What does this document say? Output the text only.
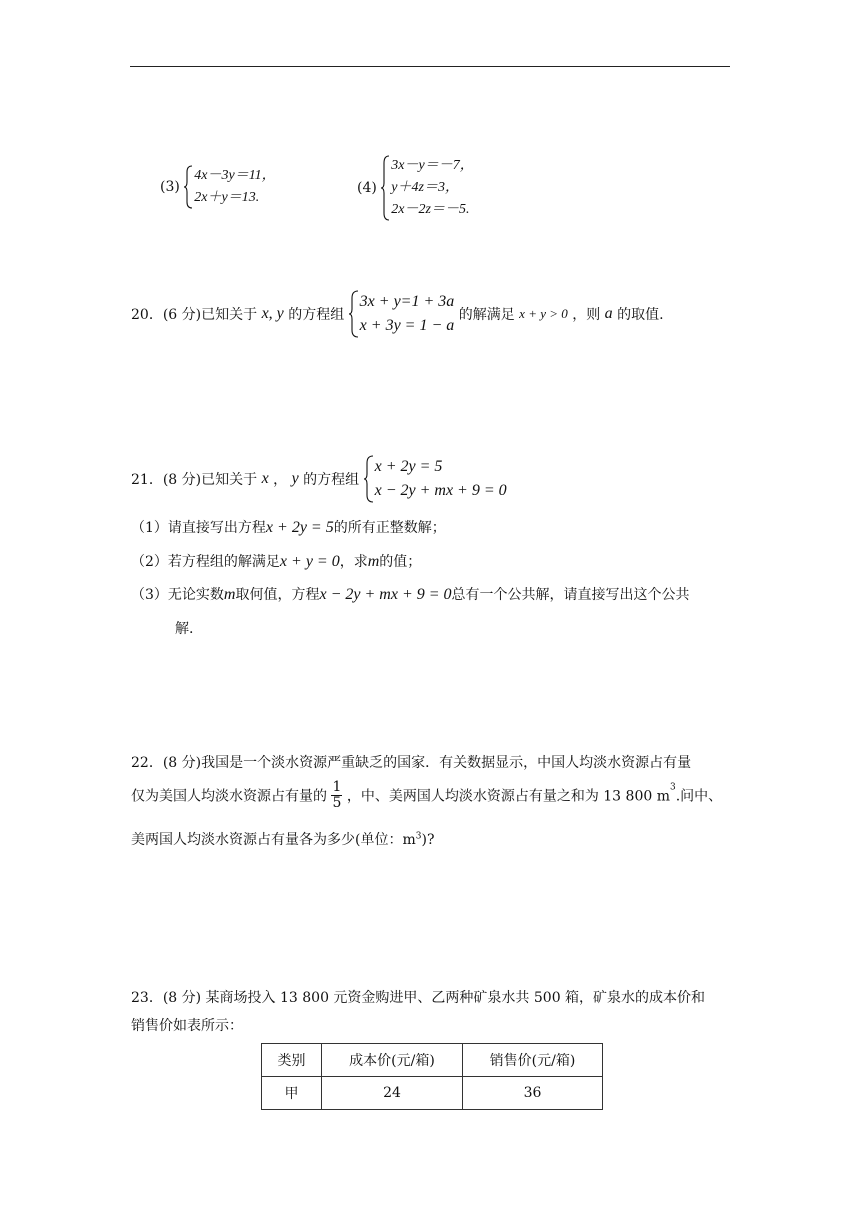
(3)
4x－3y＝11，
2x＋y＝13.
(4)
3x－y＝－7，
y＋4z＝3，
2x－2z＝－5.
20．(6 分)已知关于 x, y 的方程组
3x + y=1 + 3a
x + 3y = 1 − a
的解满足 x + y > 0 ，则 a 的取值.
21．(8 分)已知关于 x ， y 的方程组
x + 2y = 5
x − 2y + mx + 9 = 0
（1）请直接写出方程x + 2y = 5的所有正整数解；
（2）若方程组的解满足x + y = 0，求m的值；
（3）无论实数m取何值，方程x − 2y + mx + 9 = 0总有一个公共解，请直接写出这个公共
解.
22．(8 分)我国是一个淡水资源严重缺乏的国家．有关数据显示，中国人均淡水资源占有量
仅为美国人均淡水资源占有量的 $\frac{1}{5}$ ，中、美两国人均淡水资源占有量之和为 13 800 $m^3$.问中、
美两国人均淡水资源占有量各为多少(单位：$m^3$)?
23．(8 分) 某商场投入 13 800 元资金购进甲、乙两种矿泉水共 500 箱，矿泉水的成本价和
销售价如表所示：
类别	成本价(元/箱)	销售价(元/箱)
甲	24	36
